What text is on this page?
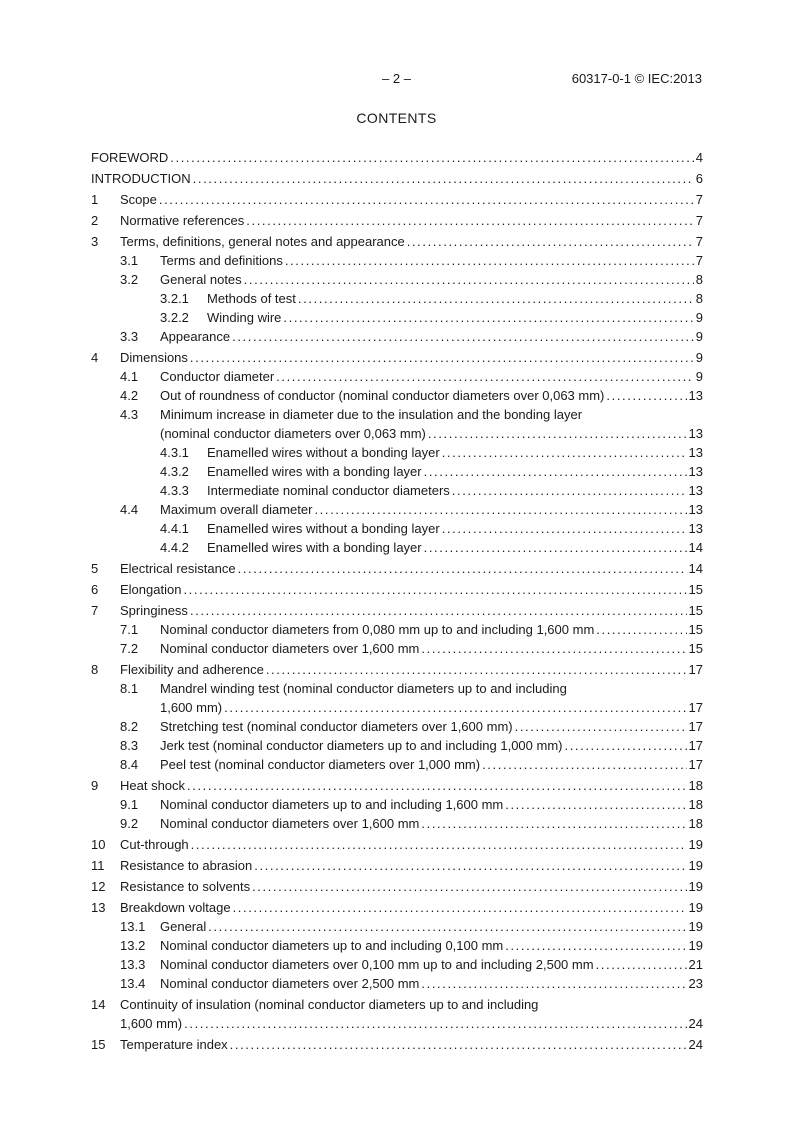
– 2 –	60317-0-1 © IEC:2013
CONTENTS
FOREWORD .....	4
INTRODUCTION .....	6
1	Scope .....	7
2	Normative references .....	7
3	Terms, definitions, general notes and appearance .....	7
3.1	Terms and definitions .....	7
3.2	General notes .....	8
3.2.1	Methods of test .....	8
3.2.2	Winding wire .....	9
3.3	Appearance .....	9
4	Dimensions .....	9
4.1	Conductor diameter .....	9
4.2	Out of roundness of conductor (nominal conductor diameters over 0,063 mm) .....	13
4.3	Minimum increase in diameter due to the insulation and the bonding layer
(nominal conductor diameters over 0,063 mm) .....	13
4.3.1	Enamelled wires without a bonding layer .....	13
4.3.2	Enamelled wires with a bonding layer .....	13
4.3.3	Intermediate nominal conductor diameters .....	13
4.4	Maximum overall diameter .....	13
4.4.1	Enamelled wires without a bonding layer .....	13
4.4.2	Enamelled wires with a bonding layer .....	14
5	Electrical resistance .....	14
6	Elongation .....	15
7	Springiness .....	15
7.1	Nominal conductor diameters from 0,080 mm up to and including 1,600 mm .....	15
7.2	Nominal conductor diameters over 1,600 mm .....	15
8	Flexibility and adherence .....	17
8.1	Mandrel winding test (nominal conductor diameters up to and including
1,600 mm) .....	17
8.2	Stretching test (nominal conductor diameters over 1,600 mm) .....	17
8.3	Jerk test (nominal conductor diameters up to and including 1,000 mm) .....	17
8.4	Peel test (nominal conductor diameters over 1,000 mm) .....	17
9	Heat shock .....	18
9.1	Nominal conductor diameters up to and including 1,600 mm .....	18
9.2	Nominal conductor diameters over 1,600 mm .....	18
10	Cut-through .....	19
11	Resistance to abrasion .....	19
12	Resistance to solvents .....	19
13	Breakdown voltage .....	19
13.1	General .....	19
13.2	Nominal conductor diameters up to and including 0,100 mm .....	19
13.3	Nominal conductor diameters over 0,100 mm up to and including 2,500 mm .....	21
13.4	Nominal conductor diameters over 2,500 mm .....	23
14	Continuity of insulation (nominal conductor diameters up to and including
1,600 mm) .....	24
15	Temperature index .....	24
